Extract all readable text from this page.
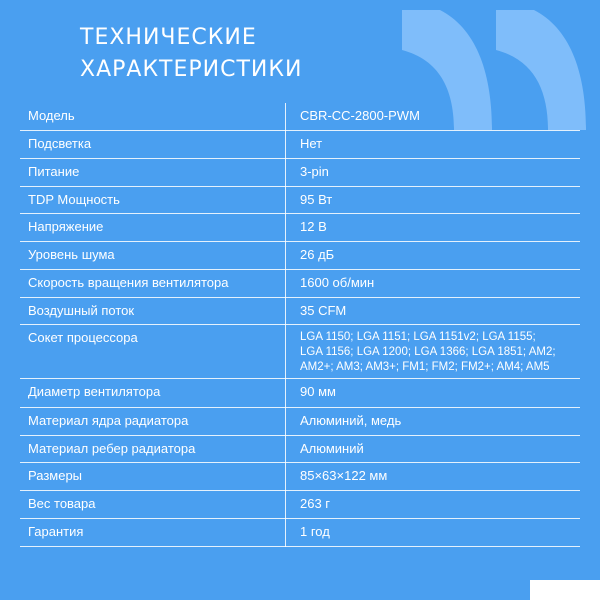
ТЕХНИЧЕСКИЕ
ХАРАКТЕРИСТИКИ
Модель	CBR-CC-2800-PWM
Подсветка	Нет
Питание	3-pin
TDP Мощность	95 Вт
Напряжение	12 В
Уровень шума	26 дБ
Скорость вращения вентилятора	1600 об/мин
Воздушный поток	35 CFM
Сокет процессора	LGA 1150; LGA 1151; LGA 1151v2; LGA 1155;
LGA 1156; LGA 1200; LGA 1366; LGA 1851; AM2;
AM2+; AM3; AM3+; FM1; FM2; FM2+; AM4; AM5

Диаметр вентилятора	90 мм
Материал ядра радиатора	Алюминий, медь
Материал ребер радиатора	Алюминий
Размеры	85×63×122 мм
Вес товара	263 г
Гарантия	1 год
